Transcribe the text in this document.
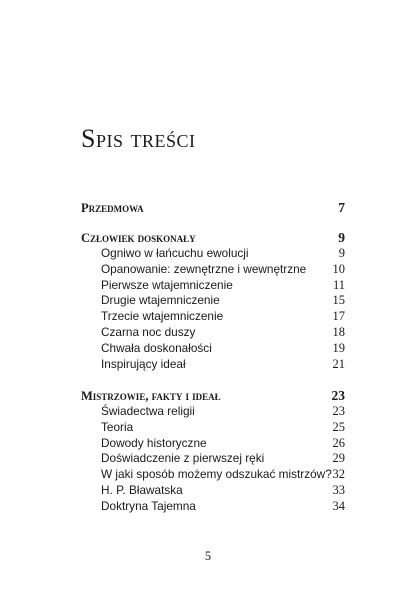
Spis treści
Przedmowa	7
Człowiek doskonały	9
Ogniwo w łańcuchu ewolucji	9
Opanowanie: zewnętrzne i wewnętrzne 10
Pierwsze wtajemniczenie	11
Drugie wtajemniczenie	15
Trzecie wtajemniczenie	17
Czarna noc duszy	18
Chwała doskonałości	19
Inspirujący ideał	21
Mistrzowie, fakty i ideał	23
Świadectwa religii	23
Teoria	25
Dowody historyczne	26
Doświadczenie z pierwszej ręki	29
W jaki sposób możemy odszukać mistrzów? 32
H. P. Bławatska	33
Doktryna Tajemna	34
5
